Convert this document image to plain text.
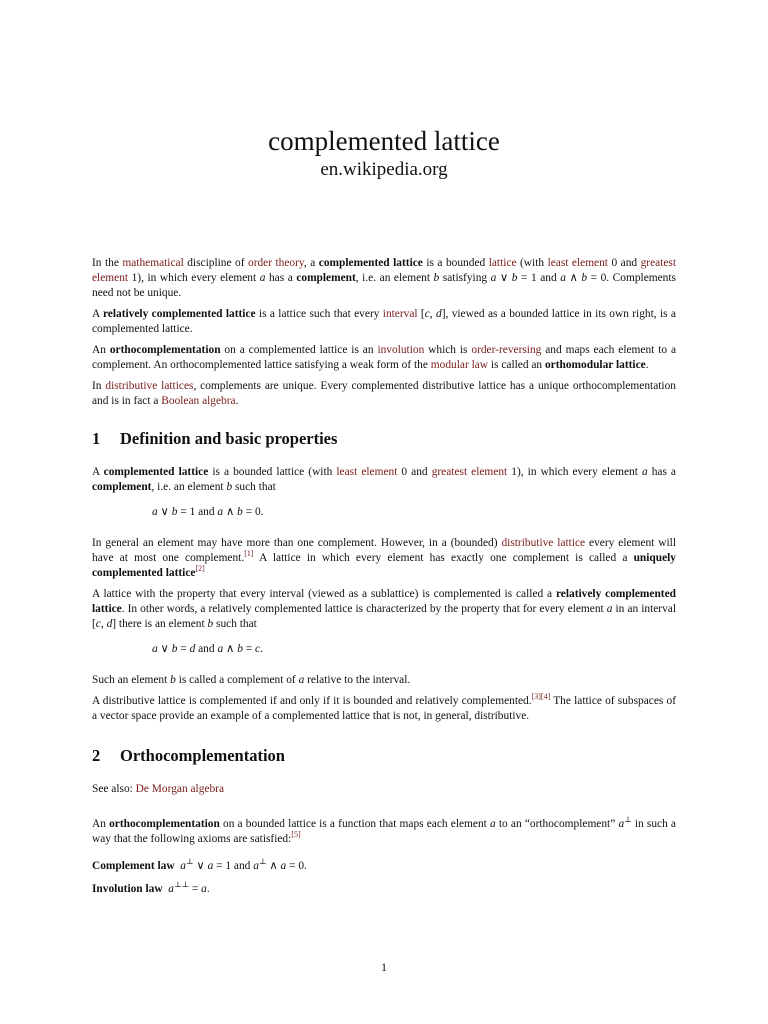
complemented lattice
en.wikipedia.org

In the mathematical discipline of order theory, a complemented lattice is a bounded lattice (with least element 0 and greatest element 1), in which every element a has a complement, i.e. an element b satisfying a ∨ b = 1 and a ∧ b = 0. Complements need not be unique.

A relatively complemented lattice is a lattice such that every interval [c, d], viewed as a bounded lattice in its own right, is a complemented lattice.

An orthocomplementation on a complemented lattice is an involution which is order-reversing and maps each element to a complement. An orthocomplemented lattice satisfying a weak form of the modular law is called an orthomodular lattice.

In distributive lattices, complements are unique. Every complemented distributive lattice has a unique orthocomplementation and is in fact a Boolean algebra.

1 Definition and basic properties

A complemented lattice is a bounded lattice (with least element 0 and greatest element 1), in which every element a has a complement, i.e. an element b such that

a ∨ b = 1 and a ∧ b = 0.

In general an element may have more than one complement. However, in a (bounded) distributive lattice every element will have at most one complement.[1] A lattice in which every element has exactly one complement is called a uniquely complemented lattice[2]

A lattice with the property that every interval (viewed as a sublattice) is complemented is called a relatively complemented lattice. In other words, a relatively complemented lattice is characterized by the property that for every element a in an interval [c, d] there is an element b such that

a ∨ b = d and a ∧ b = c.

Such an element b is called a complement of a relative to the interval.

A distributive lattice is complemented if and only if it is bounded and relatively complemented.[3][4] The lattice of subspaces of a vector space provide an example of a complemented lattice that is not, in general, distributive.

2 Orthocomplementation

See also: De Morgan algebra

An orthocomplementation on a bounded lattice is a function that maps each element a to an “orthocomplement” a⊥ in such a way that the following axioms are satisfied:[5]

Complement law a⊥ ∨ a = 1 and a⊥ ∧ a = 0.

Involution law a⊥⊥ = a.

1
